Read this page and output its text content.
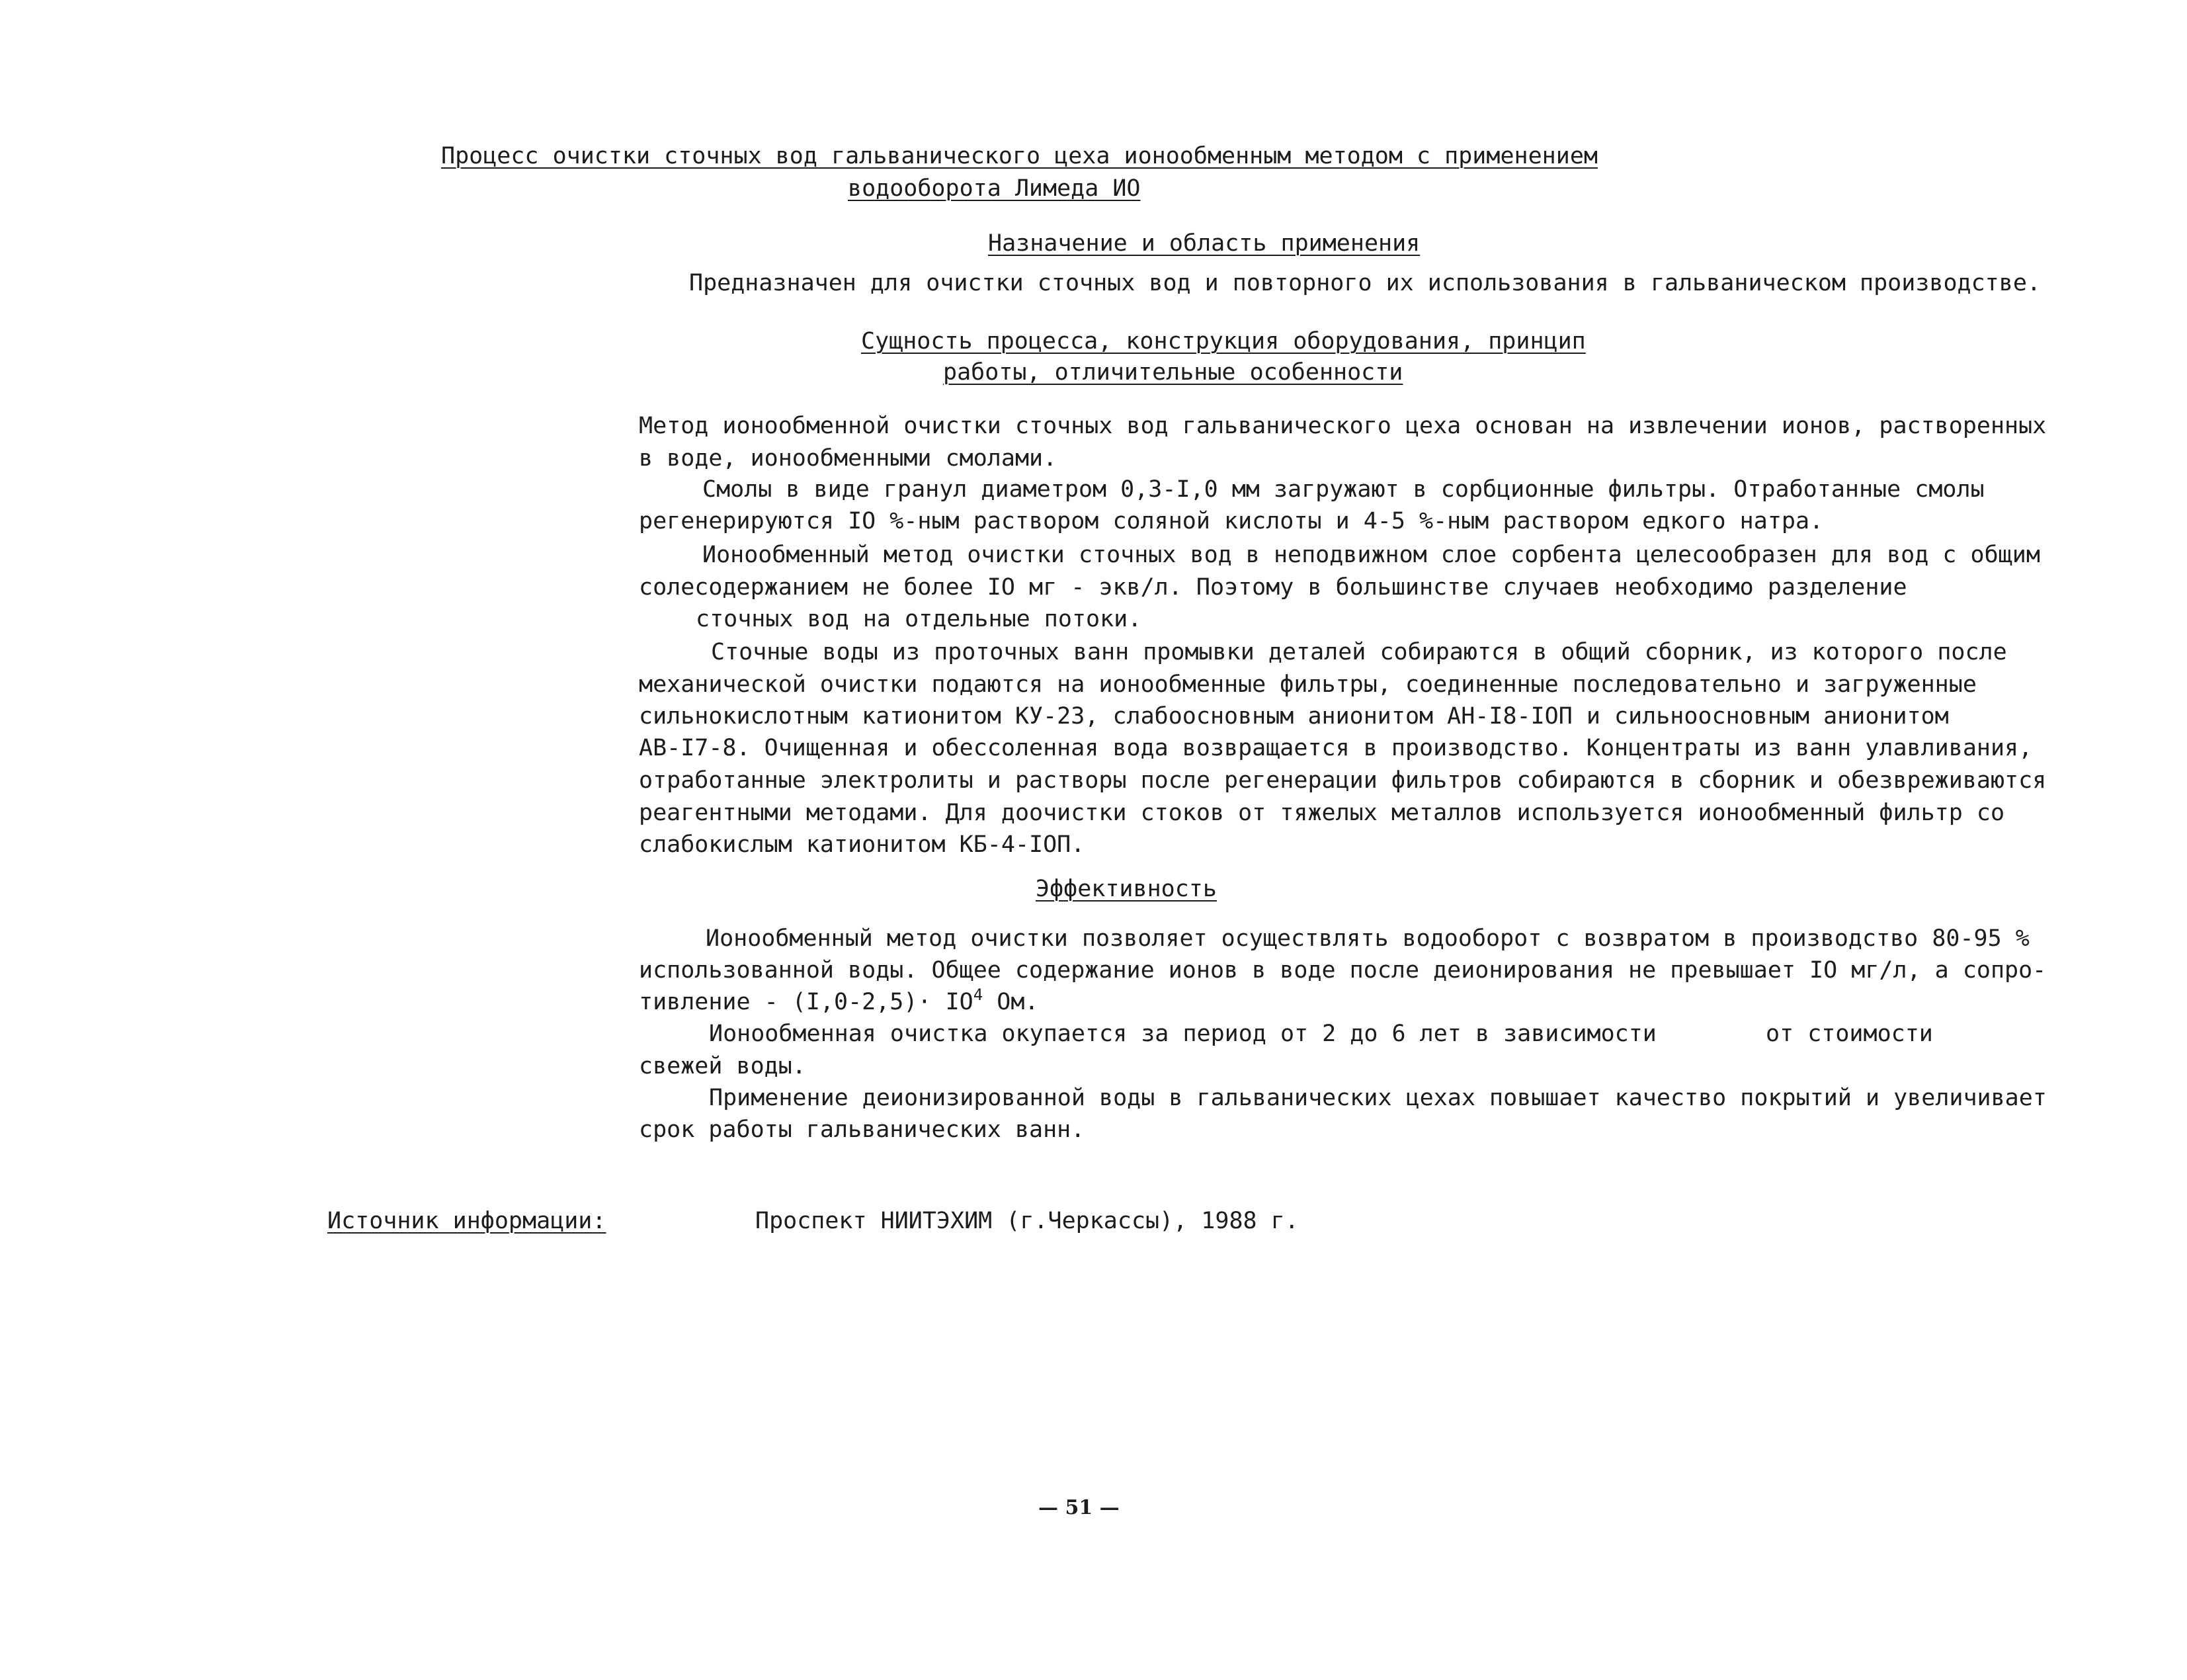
Процесс очистки сточных вод гальванического цеха ионообменным методом с применением
водооборота Лимеда ИО
Назначение и область применения
Предназначен для очистки сточных вод и повторного их использования в гальваническом производстве.
Сущность процесса, конструкция оборудования, принцип
работы, отличительные особенности
Метод ионообменной очистки сточных вод гальванического цеха основан на извлечении ионов, растворенных
в воде, ионообменными смолами.
Смолы в виде гранул диаметром 0,3-I,0 мм загружают в сорбционные фильтры. Отработанные смолы
регенерируются IO %-ным раствором соляной кислоты и 4-5 %-ным раствором едкого натра.
Ионообменный метод очистки сточных вод в неподвижном слое сорбента целесообразен для вод с общим
солесодержанием не более IO мг - экв/л. Поэтому в большинстве случаев необходимо разделение
сточных вод на отдельные потоки.
Сточные воды из проточных ванн промывки деталей собираются в общий сборник, из которого после
механической очистки подаются на ионообменные фильтры, соединенные последовательно и загруженные
сильнокислотным катионитом КУ-23, слабоосновным анионитом АН-I8-IOП и сильноосновным анионитом
АВ-I7-8. Очищенная и обессоленная вода возвращается в производство. Концентраты из ванн улавливания,
отработанные электролиты и растворы после регенерации фильтров собираются в сборник и обезвреживаются
реагентными методами. Для доочистки стоков от тяжелых металлов используется ионообменный фильтр со
слабокислым катионитом КБ-4-IOП.
Эффективность
Ионообменный метод очистки позволяет осуществлять водооборот с возвратом в производство 80-95 %
использованной воды. Общее содержание ионов в воде после деионирования не превышает IO мг/л, а сопро-
тивление - $(I,0-2,5)\cdot IO^4$ Ом.
Ионообменная очистка окупается за период от 2 до 6 лет в зависимости	от стоимости
свежей воды.
Применение деионизированной воды в гальванических цехах повышает качество покрытий и увеличивает
срок работы гальванических ванн.
Источник информации:	Проспект НИИТЭХИМ (г.Черкассы), 1988 г.
— 51 —
